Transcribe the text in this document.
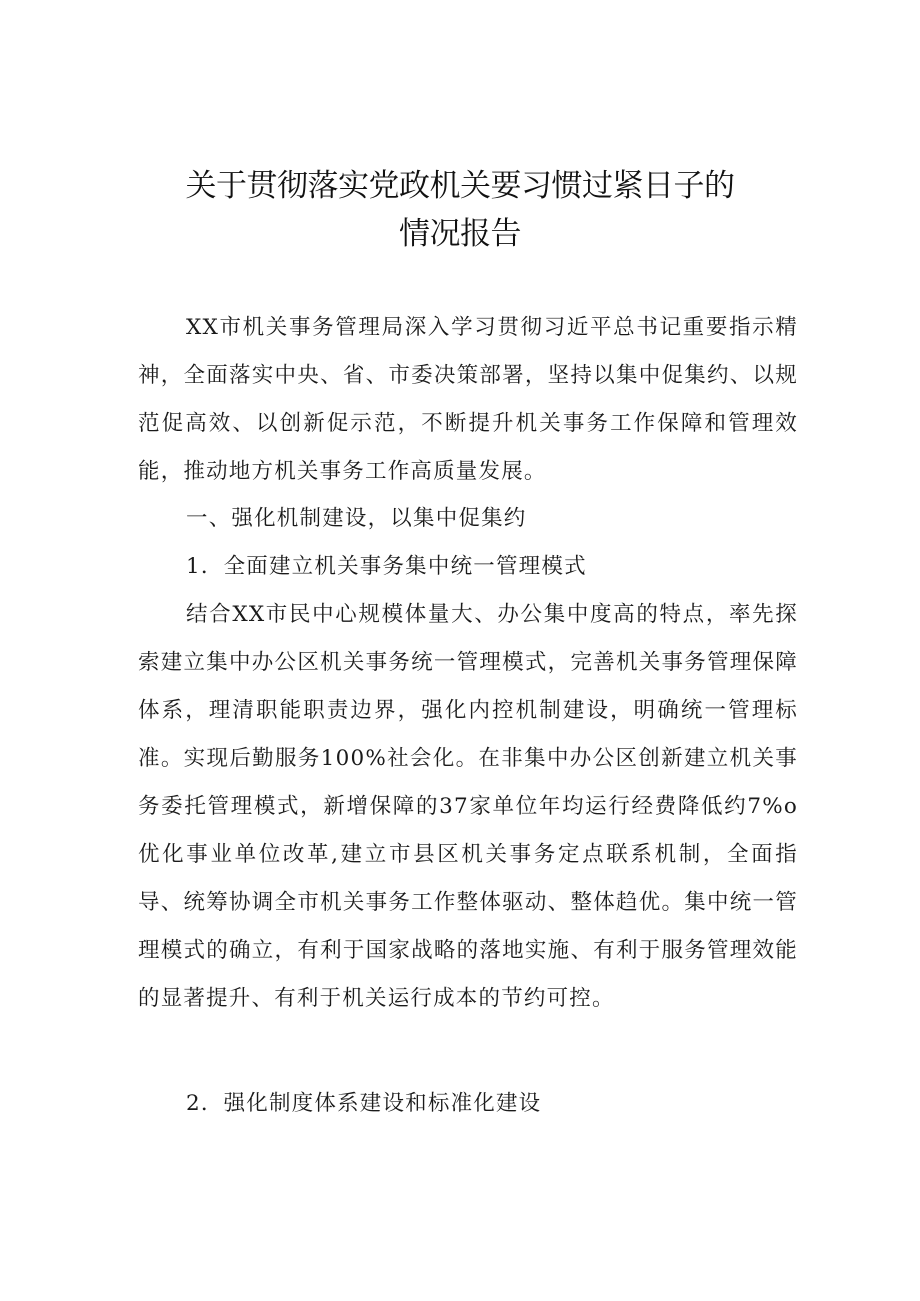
关于贯彻落实党政机关要习惯过紧日子的
情况报告

XX市机关事务管理局深入学习贯彻习近平总书记重要指示精神，全面落实中央、省、市委决策部署，坚持以集中促集约、以规范促高效、以创新促示范，不断提升机关事务工作保障和管理效能，推动地方机关事务工作高质量发展。

一、强化机制建设，以集中促集约

1．全面建立机关事务集中统一管理模式

结合XX市民中心规模体量大、办公集中度高的特点，率先探索建立集中办公区机关事务统一管理模式，完善机关事务管理保障体系，理清职能职责边界，强化内控机制建设，明确统一管理标准。实现后勤服务100%社会化。在非集中办公区创新建立机关事务委托管理模式，新增保障的37家单位年均运行经费降低约7%o优化事业单位改革,建立市县区机关事务定点联系机制，全面指导、统筹协调全市机关事务工作整体驱动、整体趋优。集中统一管理模式的确立，有利于国家战略的落地实施、有利于服务管理效能的显著提升、有利于机关运行成本的节约可控。

2．强化制度体系建设和标准化建设
